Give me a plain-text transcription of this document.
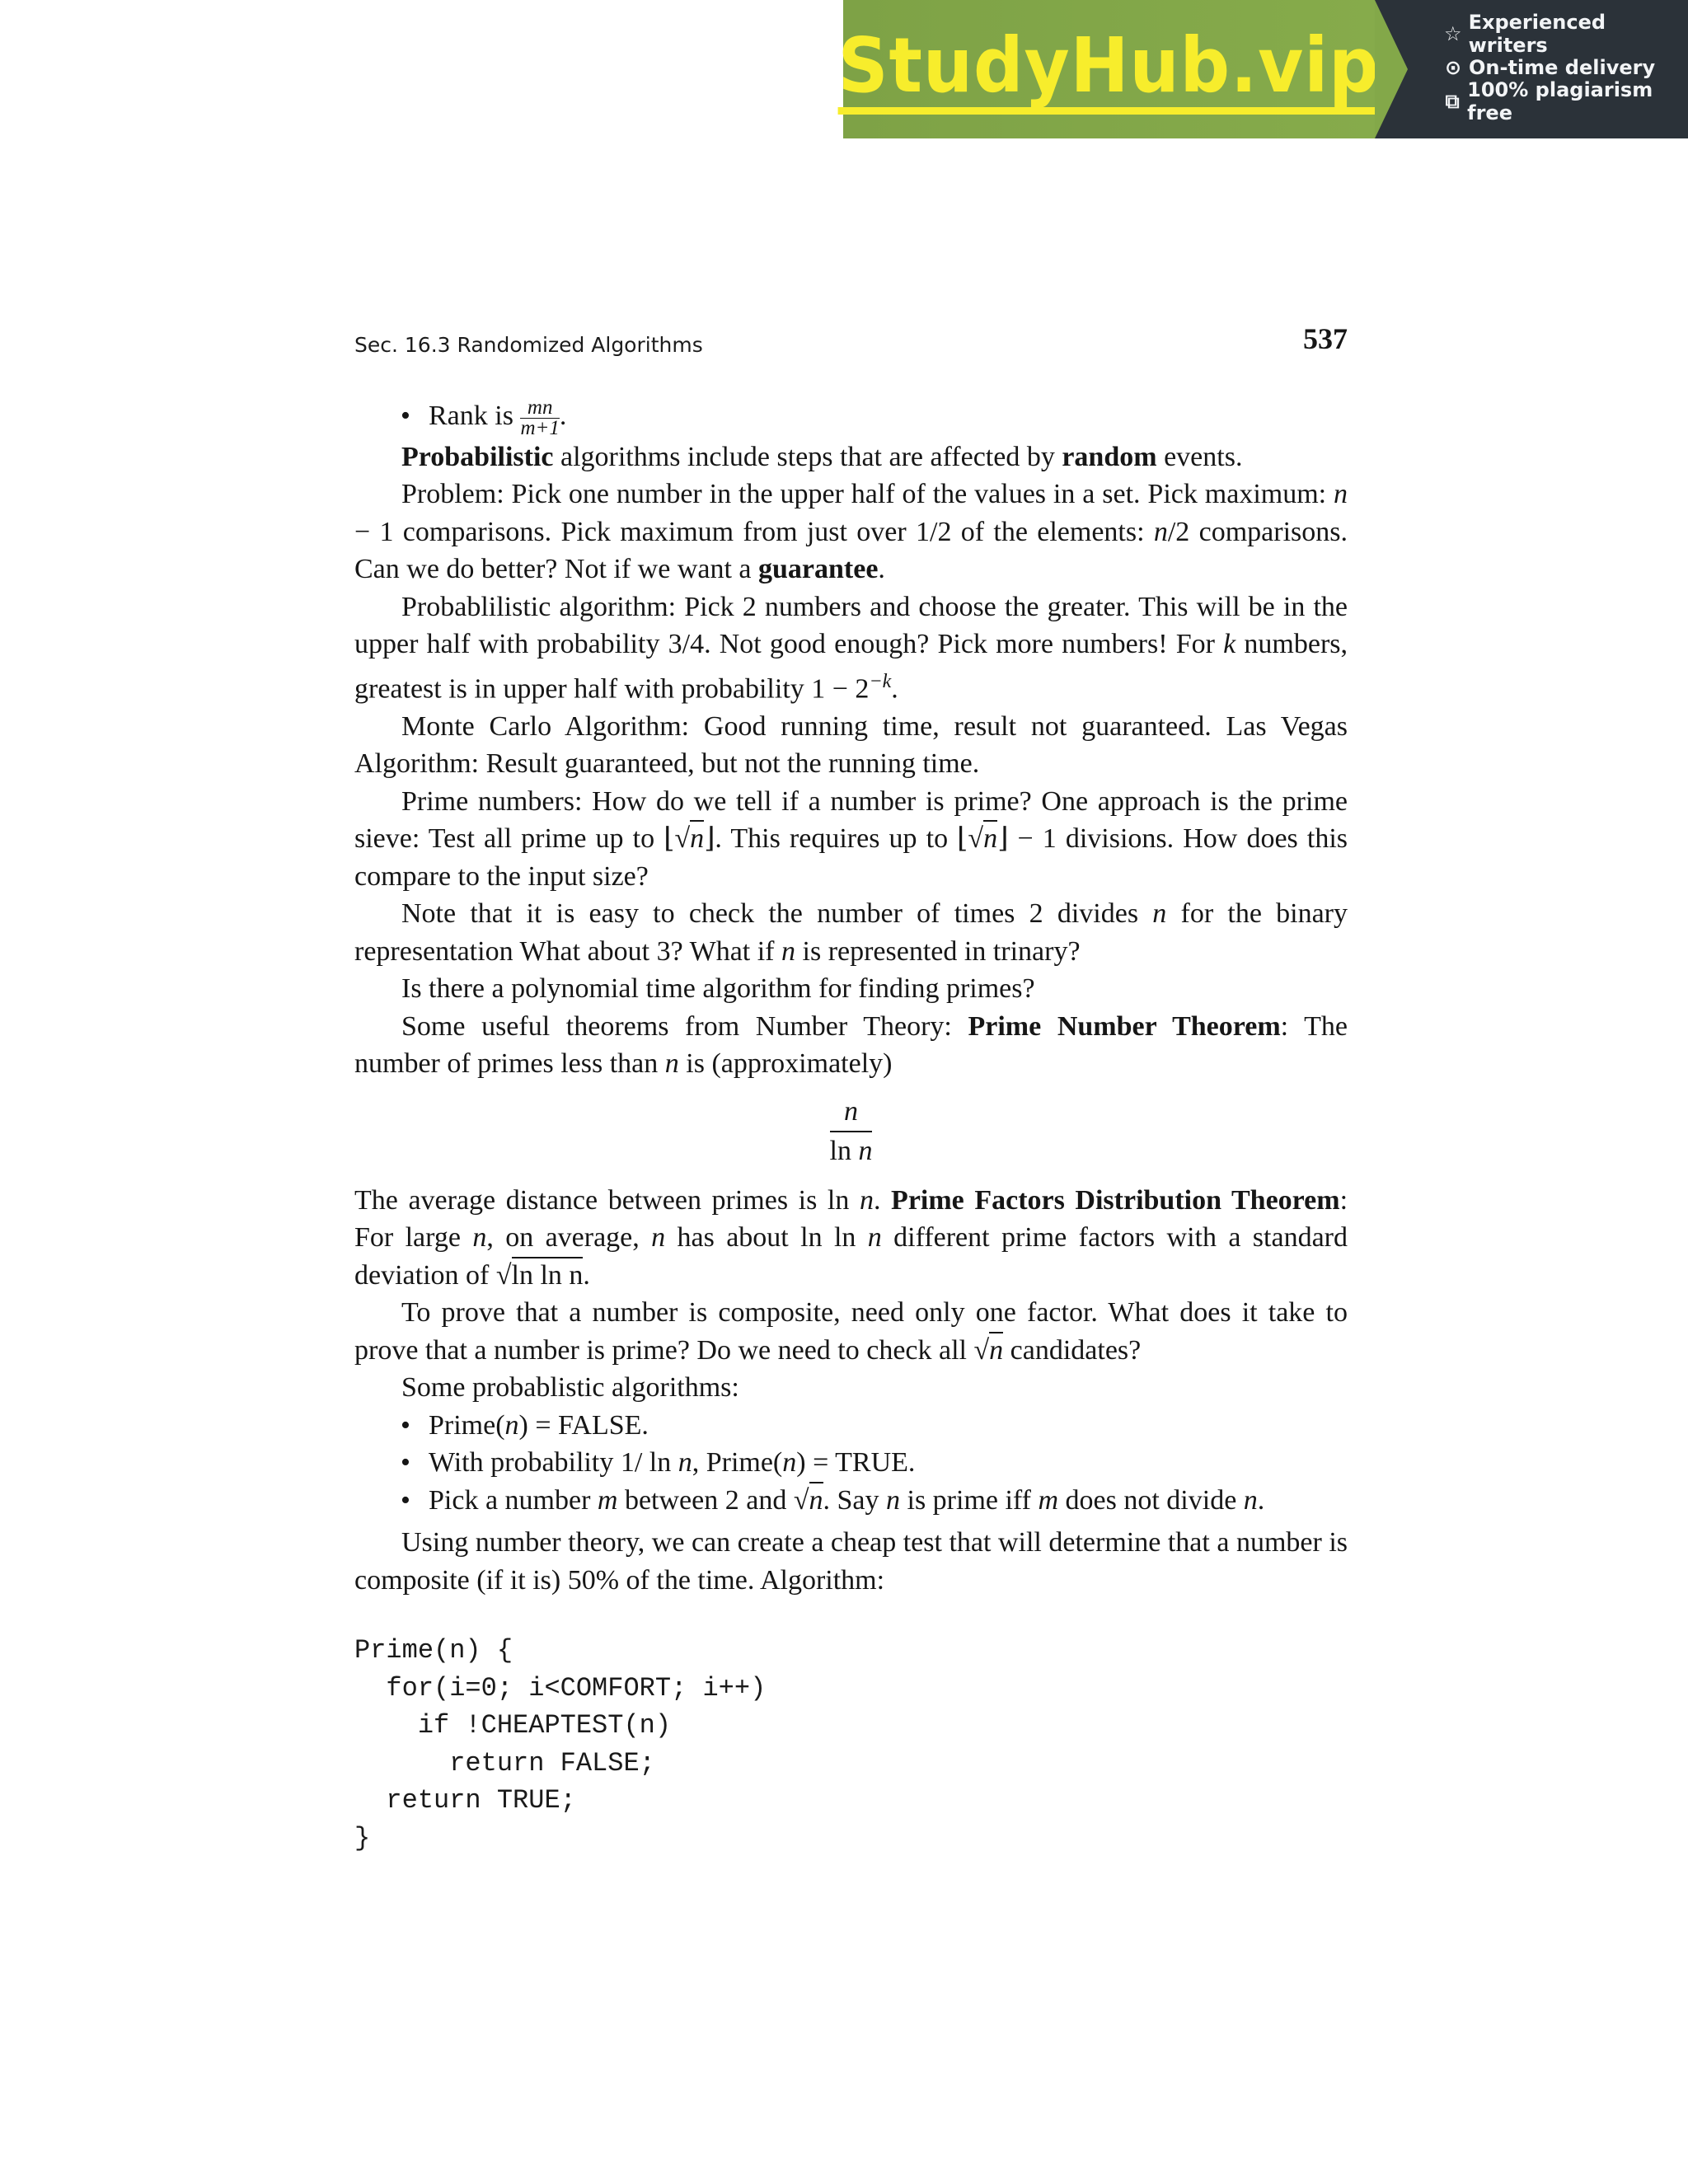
StudyHub.vip	☆ Experienced writers
⊙ On-time delivery
⧉ 100% plagiarism free
Sec. 16.3 Randomized Algorithms	537

• Rank is $\frac{mn}{m+1}$ .

Probabilistic algorithms include steps that are affected by random events.

Problem: Pick one number in the upper half of the values in a set. Pick maximum: n − 1 comparisons. Pick maximum from just over 1/2 of the elements: n/2 comparisons. Can we do better? Not if we want a guarantee.

Probablilistic algorithm: Pick 2 numbers and choose the greater. This will be in the upper half with probability 3/4. Not good enough? Pick more numbers! For k numbers, greatest is in upper half with probability $1 - 2^{-k}$.

Monte Carlo Algorithm: Good running time, result not guaranteed. Las Vegas Algorithm: Result guaranteed, but not the running time.

Prime numbers: How do we tell if a number is prime? One approach is the prime sieve: Test all prime up to ⌊√n⌋. This requires up to ⌊√n⌋ − 1 divisions. How does this compare to the input size?

Note that it is easy to check the number of times 2 divides n for the binary representation What about 3? What if n is represented in trinary?

Is there a polynomial time algorithm for finding primes?

Some useful theorems from Number Theory: Prime Number Theorem: The number of primes less than n is (approximately)

$\frac{n}{\text{ln n}}$

The average distance between primes is ln n. Prime Factors Distribution Theorem: For large n, on average, n has about ln ln n different prime factors with a standard deviation of √ln ln n.

To prove that a number is composite, need only one factor. What does it take to prove that a number is prime? Do we need to check all √n candidates?

Some probablistic algorithms:

• Prime(n) = FALSE.

• With probability 1/ ln n, Prime(n) = TRUE.

• Pick a number m between 2 and √n. Say n is prime iff m does not divide n.

Using number theory, we can create a cheap test that will determine that a number is composite (if it is) 50% of the time. Algorithm:

Prime(n) {
for(i=0; i<COMFORT; i++)
if !CHEAPTEST(n)
return FALSE;
return TRUE;
}
